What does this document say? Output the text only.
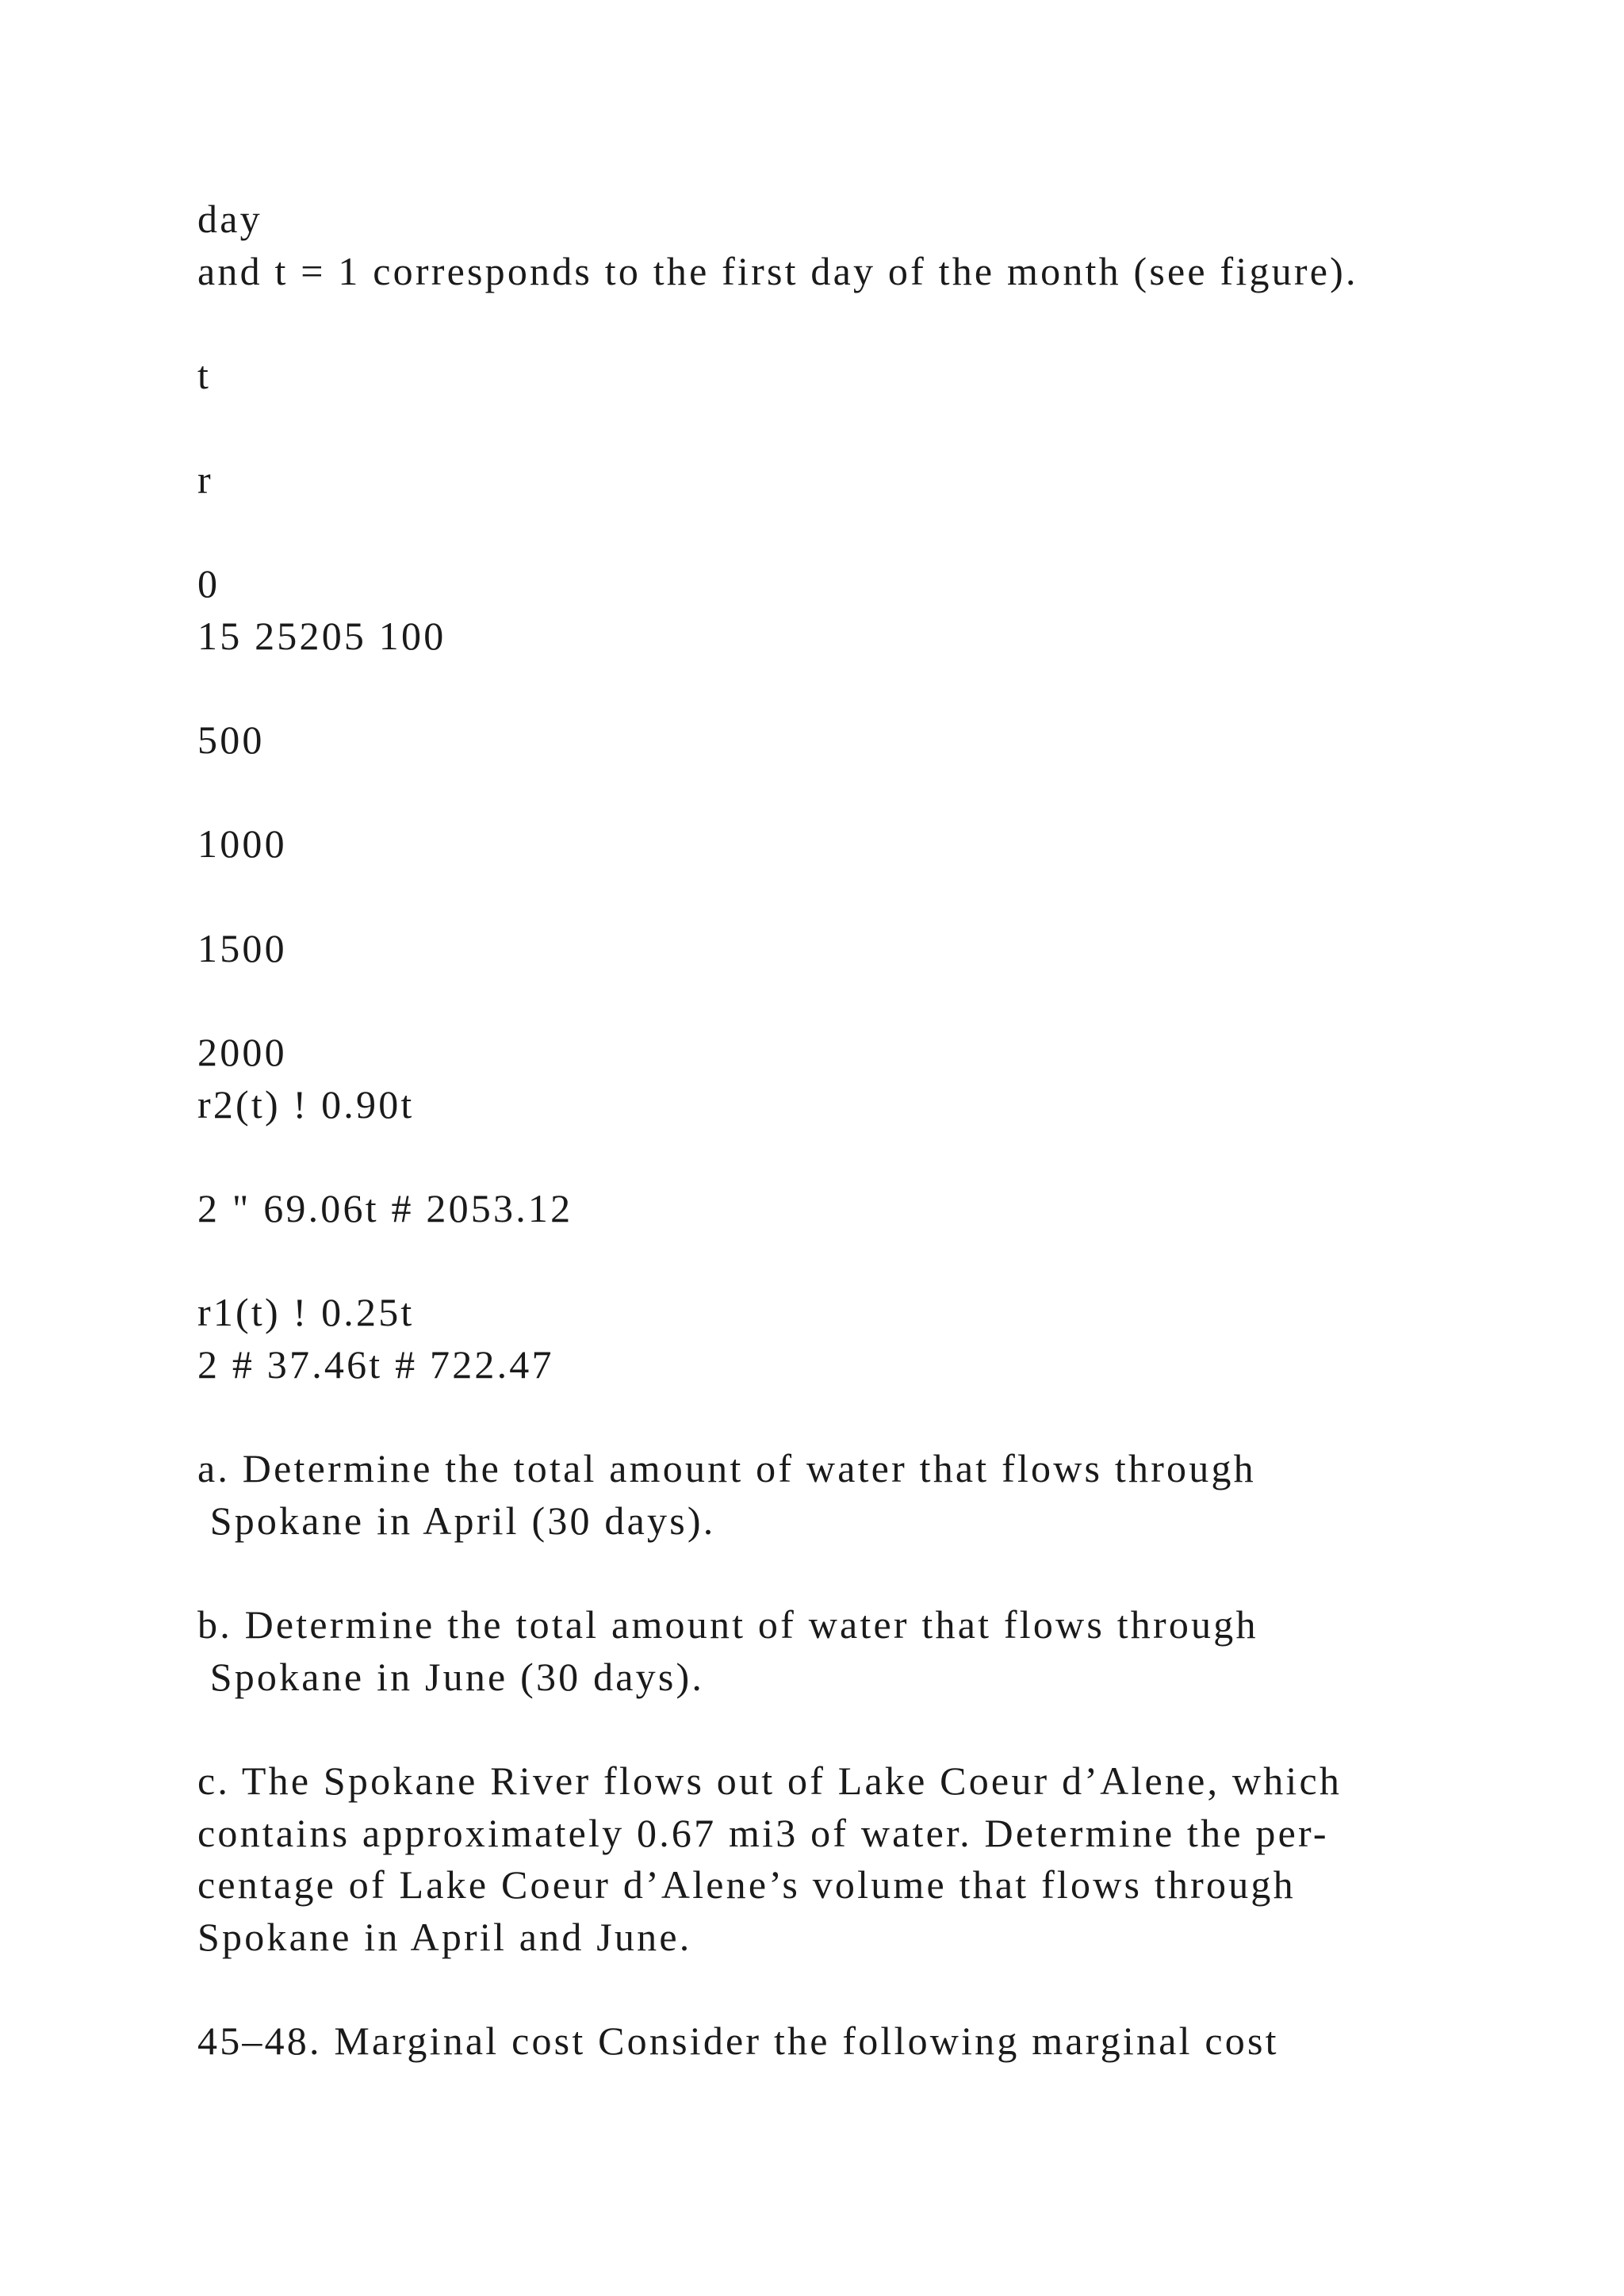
day
and t = 1 corresponds to the first day of the month (see figure).
t
r
0
15 25205 100
500
1000
1500
2000
r2(t) ! 0.90t
2 " 69.06t # 2053.12
r1(t) ! 0.25t
2 # 37.46t # 722.47
a. Determine the total amount of water that flows through
Spokane in April (30 days).
b. Determine the total amount of water that flows through
Spokane in June (30 days).
c. The Spokane River flows out of Lake Coeur d’Alene, which
contains approximately 0.67 mi3 of water. Determine the per-
centage of Lake Coeur d’Alene’s volume that flows through
Spokane in April and June.
45–48. Marginal cost Consider the following marginal cost
